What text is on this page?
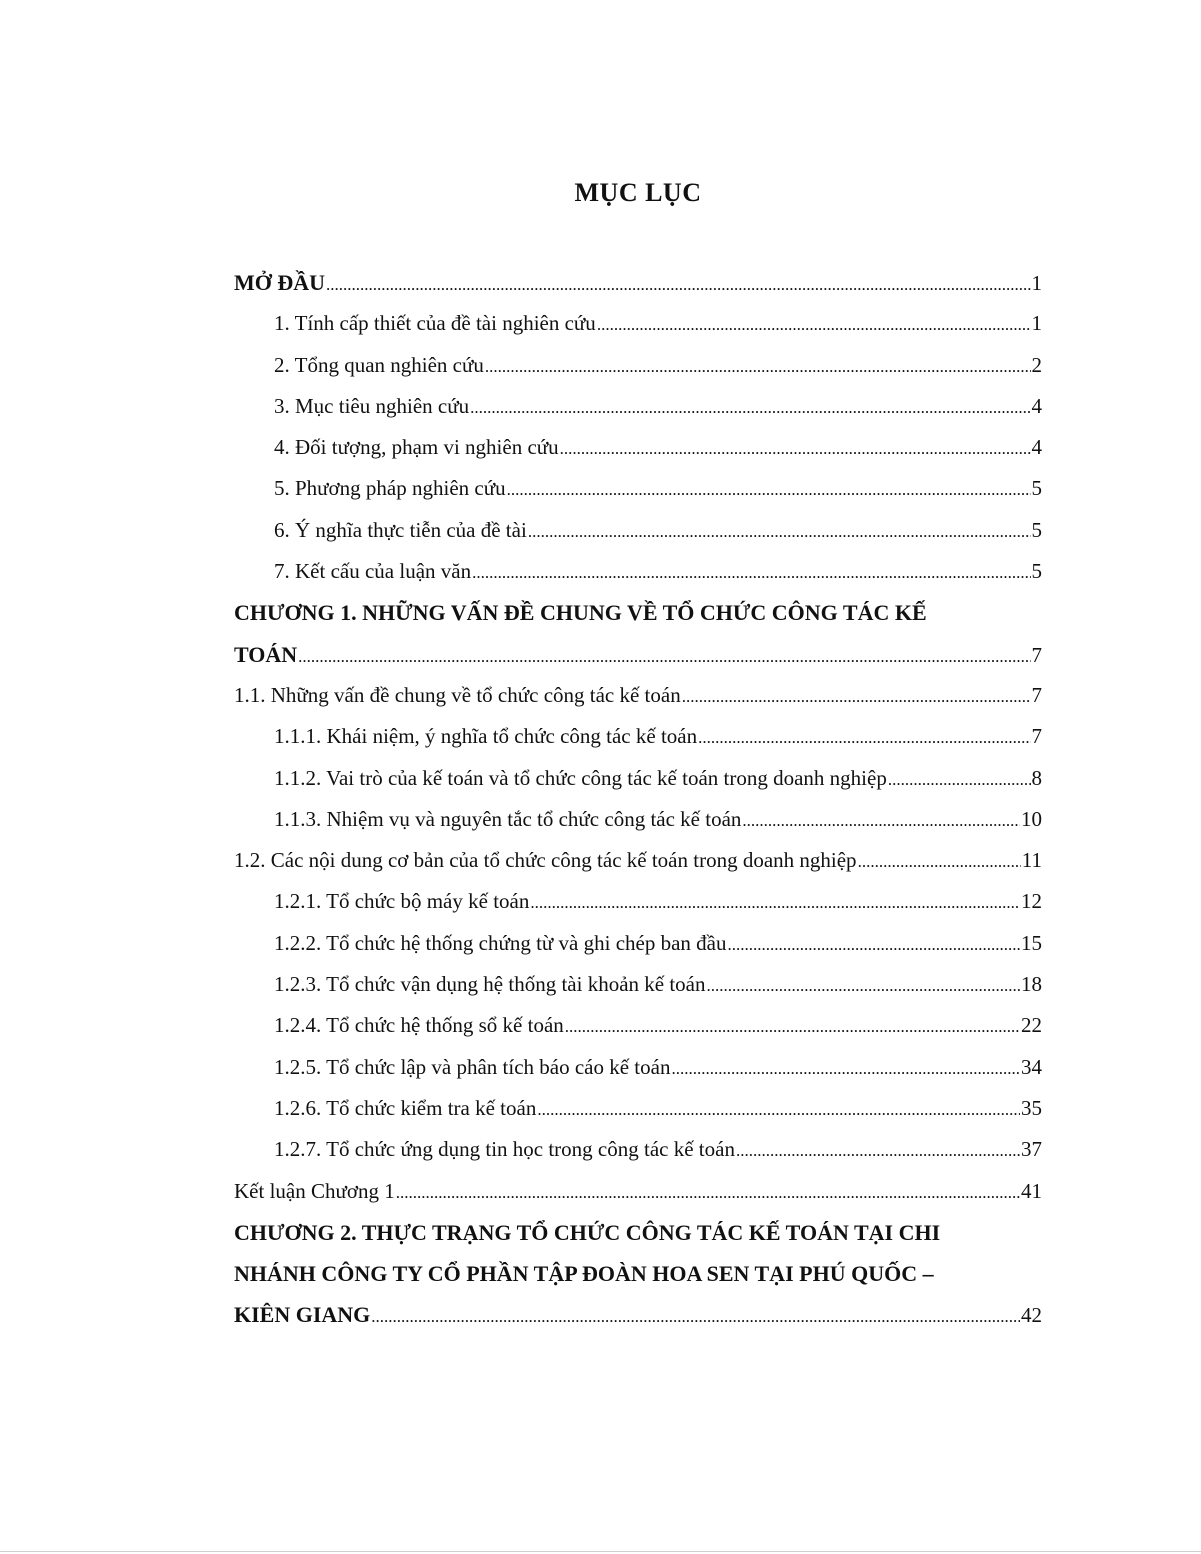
MỤC LỤC
MỞ ĐẦU .....	1
1. Tính cấp thiết của đề tài nghiên cứu .....	1
2. Tổng quan nghiên cứu .....	2
3. Mục tiêu nghiên cứu .....	4
4. Đối tượng, phạm vi nghiên cứu .....	4
5. Phương pháp nghiên cứu .....	5
6. Ý nghĩa thực tiễn của đề tài .....	5
7. Kết cấu của luận văn .....	5
CHƯƠNG 1. NHỮNG VẤN ĐỀ CHUNG VỀ TỔ CHỨC CÔNG TÁC KẾ
TOÁN .....	7
1.1. Những vấn đề chung về tổ chức công tác kế toán .....	7
1.1.1. Khái niệm, ý nghĩa tổ chức công tác kế toán .....	7
1.1.2. Vai trò của kế toán và tổ chức công tác kế toán trong doanh nghiệp .....	8
1.1.3. Nhiệm vụ và nguyên tắc tổ chức công tác kế toán .....	10
1.2. Các nội dung cơ bản của tổ chức công tác kế toán trong doanh nghiệp .....	11
1.2.1. Tổ chức bộ máy kế toán .....	12
1.2.2. Tổ chức hệ thống chứng từ và ghi chép ban đầu .....	15
1.2.3. Tổ chức vận dụng hệ thống tài khoản kế toán .....	18
1.2.4. Tổ chức hệ thống sổ kế toán .....	22
1.2.5. Tổ chức lập và phân tích báo cáo kế toán .....	34
1.2.6. Tổ chức kiểm tra kế toán .....	35
1.2.7. Tổ chức ứng dụng tin học trong công tác kế toán .....	37
Kết luận Chương 1 .....	41
CHƯƠNG 2. THỰC TRẠNG TỔ CHỨC CÔNG TÁC KẾ TOÁN TẠI CHI
NHÁNH CÔNG TY CỔ PHẦN TẬP ĐOÀN HOA SEN TẠI PHÚ QUỐC –
KIÊN GIANG .....	42
